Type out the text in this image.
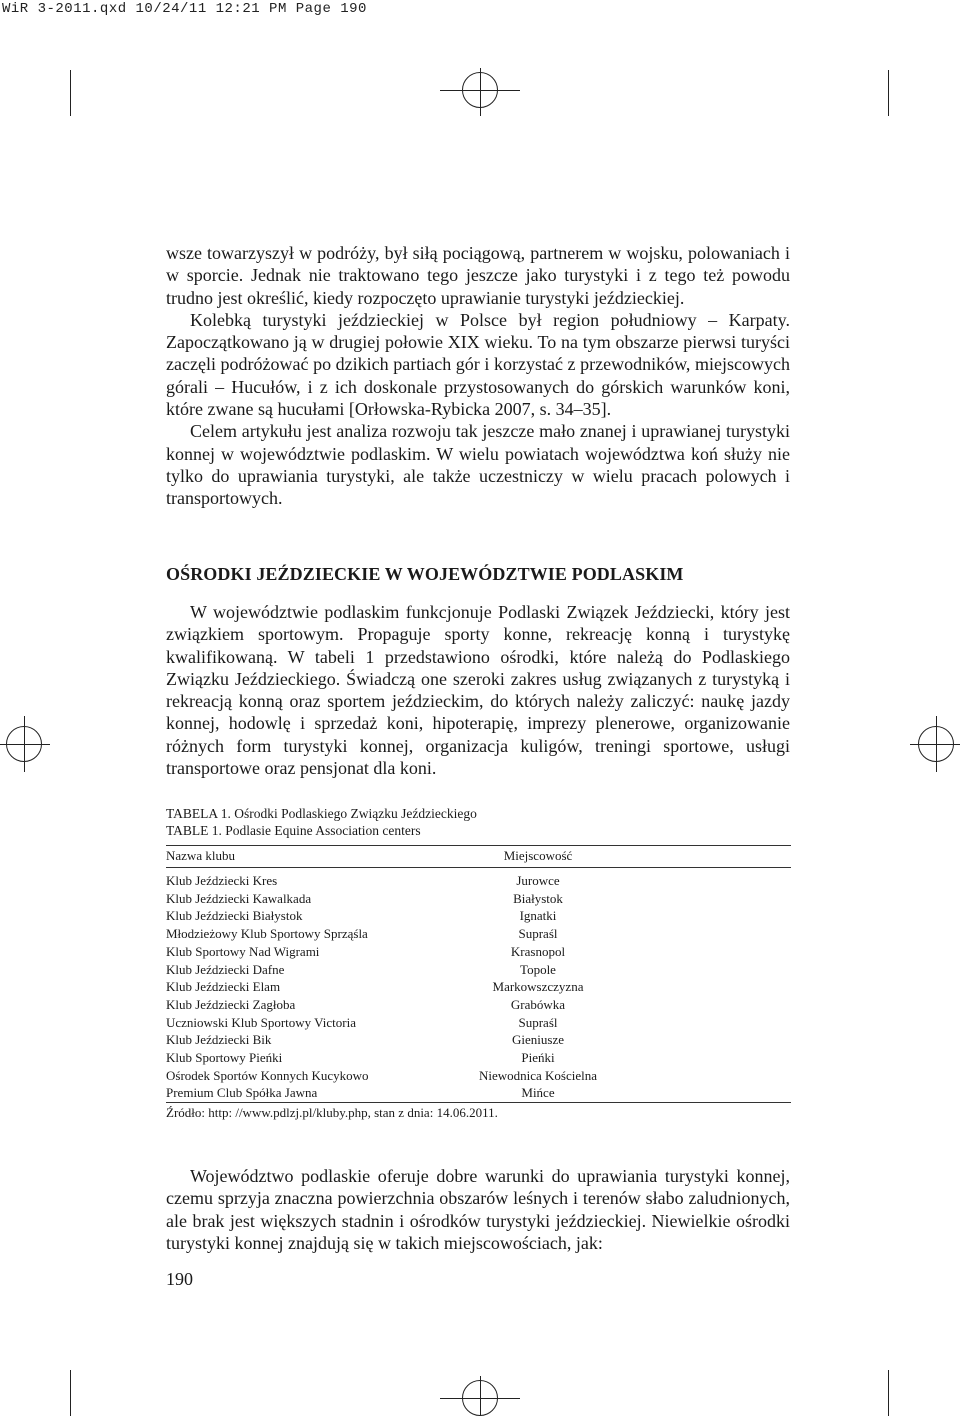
WiR 3-2011.qxd 10/24/11 12:21 PM Page 190

wsze towarzyszył w podróży, był siłą pociągową, partnerem w wojsku, polowaniach i w sporcie. Jednak nie traktowano tego jeszcze jako turystyki i z tego też powodu trudno jest określić, kiedy rozpoczęto uprawianie turystyki jeździeckiej.

Kolebką turystyki jeździeckiej w Polsce był region południowy – Karpaty. Zapoczątkowano ją w drugiej połowie XIX wieku. To na tym obszarze pierwsi turyści zaczęli podróżować po dzikich partiach gór i korzystać z przewodników, miejscowych górali – Hucułów, i z ich doskonale przystosowanych do górskich warunków koni, które zwane są hucułami [Orłowska-Rybicka 2007, s. 34–35].

Celem artykułu jest analiza rozwoju tak jeszcze mało znanej i uprawianej turystyki konnej w województwie podlaskim. W wielu powiatach województwa koń służy nie tylko do uprawiania turystyki, ale także uczestniczy w wielu pracach polowych i transportowych.

OŚRODKI JEŹDZIECKIE W WOJEWÓDZTWIE PODLASKIM

W województwie podlaskim funkcjonuje Podlaski Związek Jeździecki, który jest związkiem sportowym. Propaguje sporty konne, rekreację konną i turystykę kwalifikowaną. W tabeli 1 przedstawiono ośrodki, które należą do Podlaskiego Związku Jeździeckiego. Świadczą one szeroki zakres usług związanych z turystyką i rekreacją konną oraz sportem jeździeckim, do których należy zaliczyć: naukę jazdy konnej, hodowlę i sprzedaż koni, hipoterapię, imprezy plenerowe, organizowanie różnych form turystyki konnej, organizacja kuligów, treningi sportowe, usługi transportowe oraz pensjonat dla koni.

TABELA 1. Ośrodki Podlaskiego Związku Jeździeckiego
TABLE 1. Podlasie Equine Association centers
Nazwa klubu	Miejscowość
Klub Jeździecki Kres	Jurowce
Klub Jeździecki Kawalkada	Białystok
Klub Jeździecki Białystok	Ignatki
Młodzieżowy Klub Sportowy Sprząśla	Supraśl
Klub Sportowy Nad Wigrami	Krasnopol
Klub Jeździecki Dafne	Topole
Klub Jeździecki Elam	Markowszczyzna
Klub Jeździecki Zagłoba	Grabówka
Uczniowski Klub Sportowy Victoria	Supraśl
Klub Jeździecki Bik	Gieniusze
Klub Sportowy Pieńki	Pieńki
Ośrodek Sportów Konnych Kucykowo	Niewodnica Kościelna
Premium Club Spółka Jawna	Mińce
Źródło: http: //www.pdlzj.pl/kluby.php, stan z dnia: 14.06.2011.

Województwo podlaskie oferuje dobre warunki do uprawiania turystyki konnej, czemu sprzyja znaczna powierzchnia obszarów leśnych i terenów słabo zaludnionych, ale brak jest większych stadnin i ośrodków turystyki jeździeckiej. Niewielkie ośrodki turystyki konnej znajdują się w takich miejscowościach, jak:

190
